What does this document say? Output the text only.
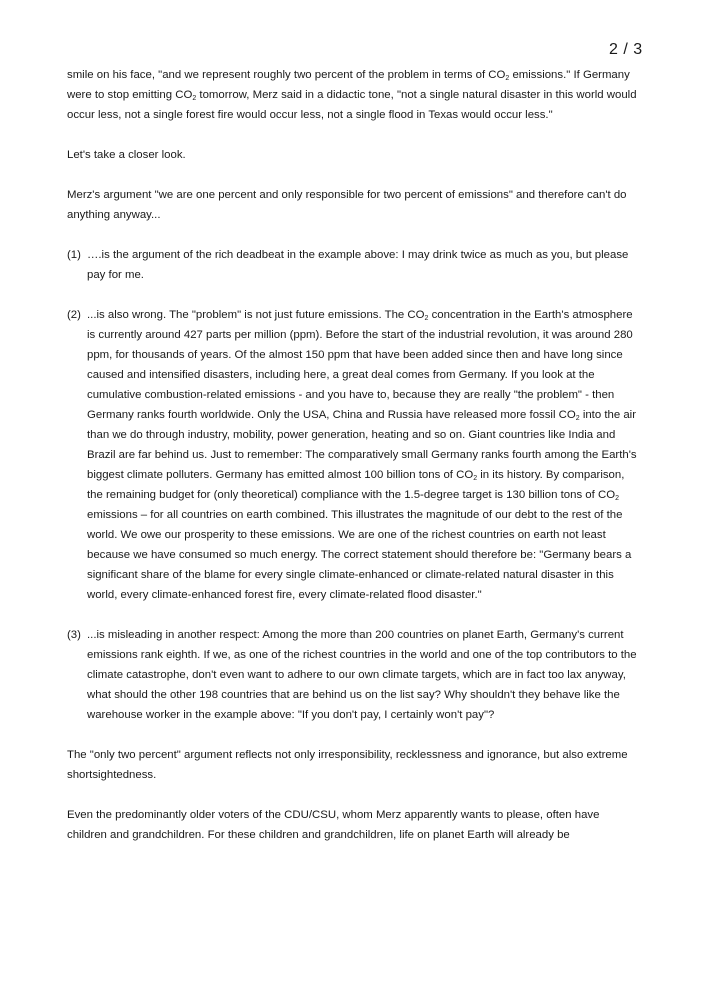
2 / 3

smile on his face, "and we represent roughly two percent of the problem in terms of $CO_2$ emissions." If Germany were to stop emitting $CO_2$ tomorrow, Merz said in a didactic tone, "not a single natural disaster in this world would occur less, not a single forest fire would occur less, not a single flood in Texas would occur less."

Let's take a closer look.

Merz's argument "we are one percent and only responsible for two percent of emissions" and therefore can't do anything anyway...

(1) ….is the argument of the rich deadbeat in the example above: I may drink twice as much as you, but please pay for me.
(2) ...is also wrong. The "problem" is not just future emissions. The $CO_2$ concentration in the Earth's atmosphere is currently around 427 parts per million (ppm). Before the start of the industrial revolution, it was around 280 ppm, for thousands of years. Of the almost 150 ppm that have been added since then and have long since caused and intensified disasters, including here, a great deal comes from Germany. If you look at the cumulative combustion-related emissions - and you have to, because they are really "the problem" - then Germany ranks fourth worldwide. Only the USA, China and Russia have released more fossil $CO_2$ into the air than we do through industry, mobility, power generation, heating and so on. Giant countries like India and Brazil are far behind us. Just to remember: The comparatively small Germany ranks fourth among the Earth's biggest climate polluters. Germany has emitted almost 100 billion tons of $CO_2$ in its history. By comparison, the remaining budget for (only theoretical) compliance with the 1.5-degree target is 130 billion tons of $CO_2$ emissions – for all countries on earth combined. This illustrates the magnitude of our debt to the rest of the world. We owe our prosperity to these emissions. We are one of the richest countries on earth not least because we have consumed so much energy. The correct statement should therefore be: "Germany bears a significant share of the blame for every single climate-enhanced or climate-related natural disaster in this world, every climate-enhanced forest fire, every climate-related flood disaster."
(3) ...is misleading in another respect: Among the more than 200 countries on planet Earth, Germany's current emissions rank eighth. If we, as one of the richest countries in the world and one of the top contributors to the climate catastrophe, don't even want to adhere to our own climate targets, which are in fact too lax anyway, what should the other 198 countries that are behind us on the list say? Why shouldn't they behave like the warehouse worker in the example above: "If you don't pay, I certainly won't pay"?

The "only two percent" argument reflects not only irresponsibility, recklessness and ignorance, but also extreme shortsightedness.

Even the predominantly older voters of the CDU/CSU, whom Merz apparently wants to please, often have children and grandchildren. For these children and grandchildren, life on planet Earth will already be
